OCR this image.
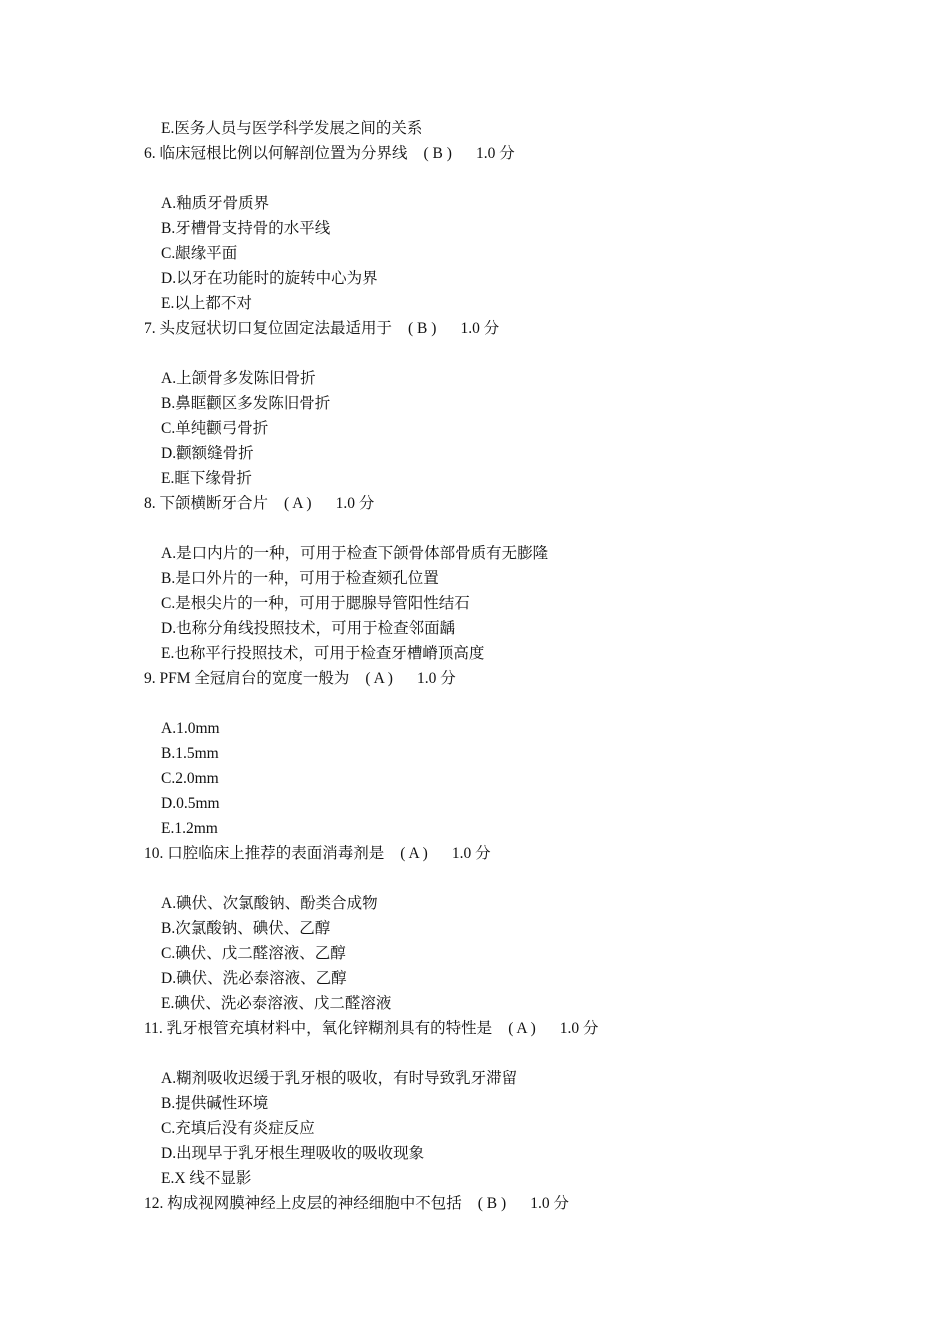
E.医务人员与医学科学发展之间的关系
6. 临床冠根比例以何解剖位置为分界线 ( B ) 1.0 分
A.釉质牙骨质界
B.牙槽骨支持骨的水平线
C.龈缘平面
D.以牙在功能时的旋转中心为界
E.以上都不对
7. 头皮冠状切口复位固定法最适用于 ( B ) 1.0 分
A.上颌骨多发陈旧骨折
B.鼻眶颧区多发陈旧骨折
C.单纯颧弓骨折
D.颧额缝骨折
E.眶下缘骨折
8. 下颌横断牙合片 ( A ) 1.0 分
A.是口内片的一种，可用于检查下颌骨体部骨质有无膨隆
B.是口外片的一种，可用于检查颏孔位置
C.是根尖片的一种，可用于腮腺导管阳性结石
D.也称分角线投照技术，可用于检查邻面龋
E.也称平行投照技术，可用于检查牙槽嵴顶高度
9. PFM 全冠肩台的宽度一般为 ( A ) 1.0 分
A.1.0mm
B.1.5mm
C.2.0mm
D.0.5mm
E.1.2mm
10. 口腔临床上推荐的表面消毒剂是 ( A ) 1.0 分
A.碘伏、次氯酸钠、酚类合成物
B.次氯酸钠、碘伏、乙醇
C.碘伏、戊二醛溶液、乙醇
D.碘伏、洗必泰溶液、乙醇
E.碘伏、洗必泰溶液、戊二醛溶液
11. 乳牙根管充填材料中，氧化锌糊剂具有的特性是 ( A ) 1.0 分
A.糊剂吸收迟缓于乳牙根的吸收，有时导致乳牙滞留
B.提供碱性环境
C.充填后没有炎症反应
D.出现早于乳牙根生理吸收的吸收现象
E.X 线不显影
12. 构成视网膜神经上皮层的神经细胞中不包括 ( B ) 1.0 分
